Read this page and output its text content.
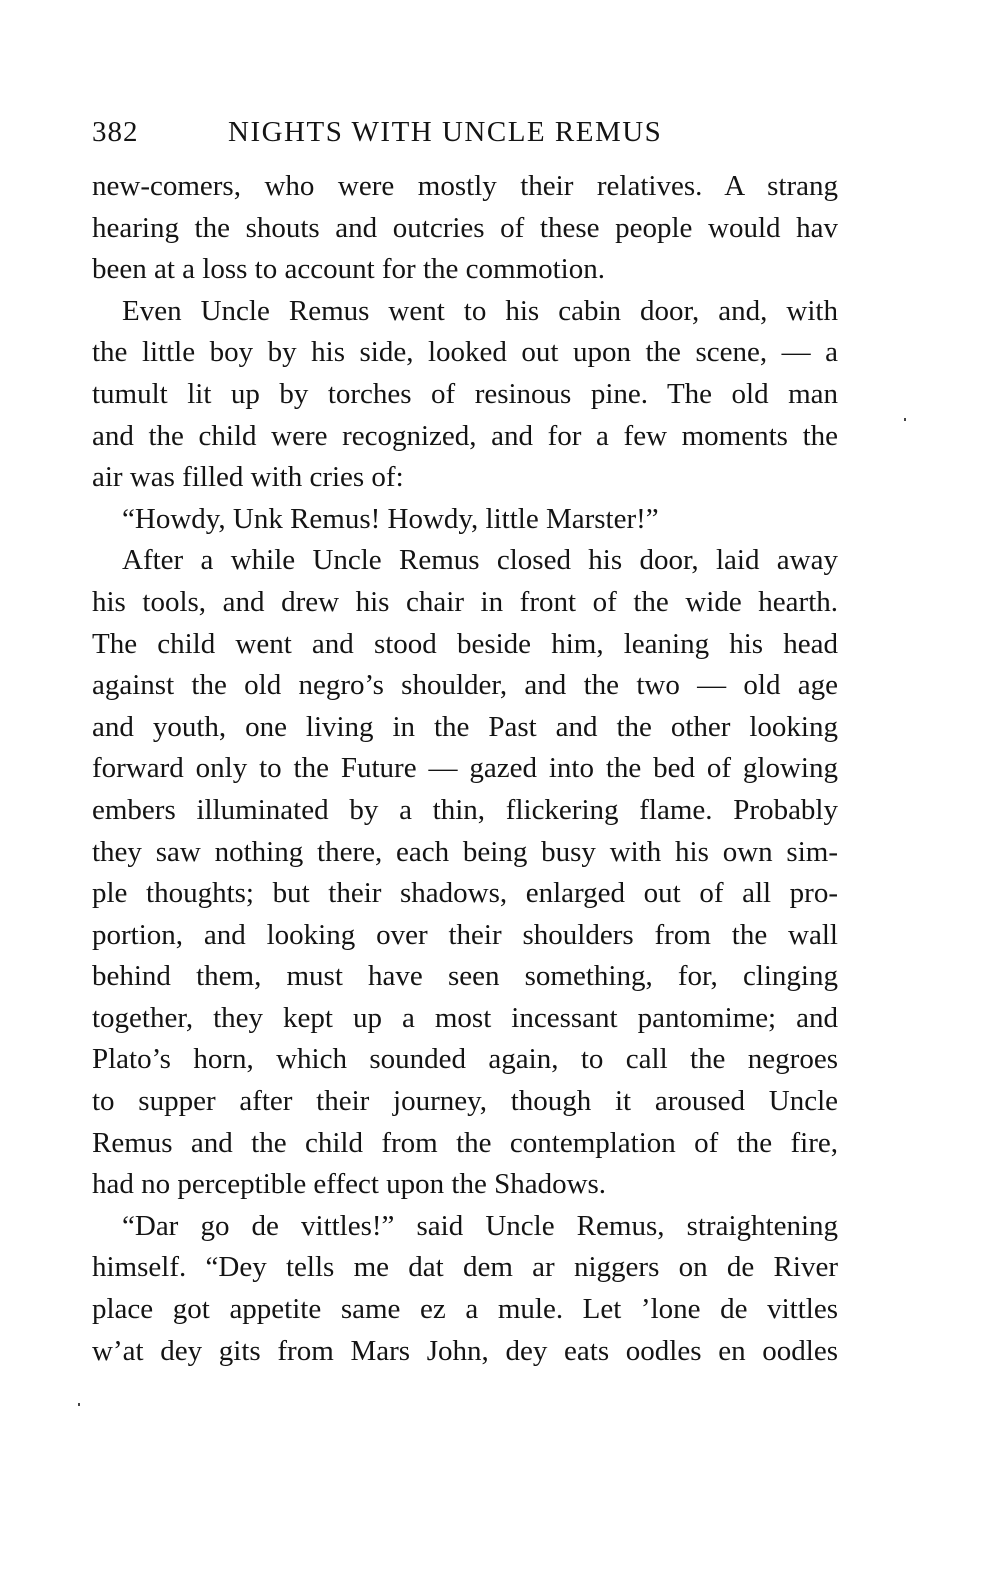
382	NIGHTS WITH UNCLE REMUS

new-comers, who were mostly their relatives. A strang
hearing the shouts and outcries of these people would hav
been at a loss to account for the commotion.

Even Uncle Remus went to his cabin door, and, with
the little boy by his side, looked out upon the scene, — a
tumult lit up by torches of resinous pine. The old man
and the child were recognized, and for a few moments the
air was filled with cries of:

“Howdy, Unk Remus! Howdy, little Marster!”

After a while Uncle Remus closed his door, laid away
his tools, and drew his chair in front of the wide hearth.
The child went and stood beside him, leaning his head
against the old negro’s shoulder, and the two — old age
and youth, one living in the Past and the other looking
forward only to the Future — gazed into the bed of glowing
embers illuminated by a thin, flickering flame. Probably
they saw nothing there, each being busy with his own sim-
ple thoughts; but their shadows, enlarged out of all pro-
portion, and looking over their shoulders from the wall
behind them, must have seen something, for, clinging
together, they kept up a most incessant pantomime; and
Plato’s horn, which sounded again, to call the negroes
to supper after their journey, though it aroused Uncle
Remus and the child from the contemplation of the fire,
had no perceptible effect upon the Shadows.

“Dar go de vittles!” said Uncle Remus, straightening
himself. “Dey tells me dat dem ar niggers on de River
place got appetite same ez a mule. Let ’lone de vittles
w’at dey gits from Mars John, dey eats oodles en oodles
